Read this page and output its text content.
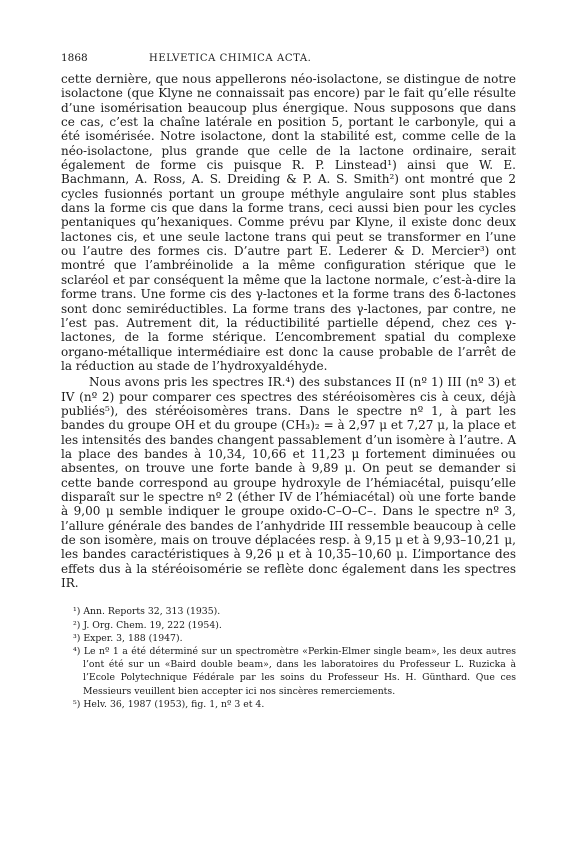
1868	HELVETICA CHIMICA ACTA.

cette dernière, que nous appellerons néo-isolactone, se distingue de notre isolactone (que Klyne ne connaissait pas encore) par le fait qu’elle résulte d’une isomérisation beaucoup plus énergique. Nous supposons que dans ce cas, c’est la chaîne latérale en position 5, portant le carbonyle, qui a été isomérisée. Notre isolactone, dont la stabilité est, comme celle de la néo-isolactone, plus grande que celle de la lactone ordinaire, serait également de forme cis puisque R. P. Linstead¹) ainsi que W. E. Bachmann, A. Ross, A. S. Dreiding & P. A. S. Smith²) ont montré que 2 cycles fusionnés portant un groupe méthyle angulaire sont plus stables dans la forme cis que dans la forme trans, ceci aussi bien pour les cycles pentaniques qu’hexaniques. Comme prévu par Klyne, il existe donc deux lactones cis, et une seule lactone trans qui peut se transformer en l’une ou l’autre des formes cis. D’autre part E. Lederer & D. Mercier³) ont montré que l’ambréinolide a la même configuration stérique que le sclaréol et par conséquent la même que la lactone normale, c’est-à-dire la forme trans. Une forme cis des γ-lactones et la forme trans des δ-lactones sont donc semiréductibles. La forme trans des γ-lactones, par contre, ne l’est pas. Autrement dit, la réductibilité partielle dépend, chez ces γ-lactones, de la forme stérique. L’encombrement spatial du complexe organo-métallique intermédiaire est donc la cause probable de l’arrêt de la réduction au stade de l’hydroxyaldéhyde.

Nous avons pris les spectres IR.⁴) des substances II (nº 1) III (nº 3) et IV (nº 2) pour comparer ces spectres des stéréoisomères cis à ceux, déjà publiés⁵), des stéréoisomères trans. Dans le spectre nº 1, à part les bandes du groupe OH et du groupe (CH₃)₂ = à 2,97 μ et 7,27 μ, la place et les intensités des bandes changent passablement d’un isomère à l’autre. A la place des bandes à 10,34, 10,66 et 11,23 μ fortement diminuées ou absentes, on trouve une forte bande à 9,89 μ. On peut se demander si cette bande correspond au groupe hydroxyle de l’hémiacétal, puisqu’elle disparaît sur le spectre nº 2 (éther IV de l’hémiacétal) où une forte bande à 9,00 μ semble indiquer le groupe oxido-C–O–C–. Dans le spectre nº 3, l’allure générale des bandes de l’anhydride III ressemble beaucoup à celle de son isomère, mais on trouve déplacées resp. à 9,15 μ et à 9,93–10,21 μ, les bandes caractéristiques à 9,26 μ et à 10,35–10,60 μ. L’importance des effets dus à la stéréoisomérie se reflète donc également dans les spectres IR.

¹) Ann. Reports 32, 313 (1935).

²) J. Org. Chem. 19, 222 (1954).

³) Exper. 3, 188 (1947).

⁴) Le nº 1 a été déterminé sur un spectromètre «Perkin-Elmer single beam», les deux autres l’ont été sur un «Baird double beam», dans les laboratoires du Professeur L. Ruzicka à l’Ecole Polytechnique Fédérale par les soins du Professeur Hs. H. Günthard. Que ces Messieurs veuillent bien accepter ici nos sincères remerciements.

⁵) Helv. 36, 1987 (1953), fig. 1, nº 3 et 4.
